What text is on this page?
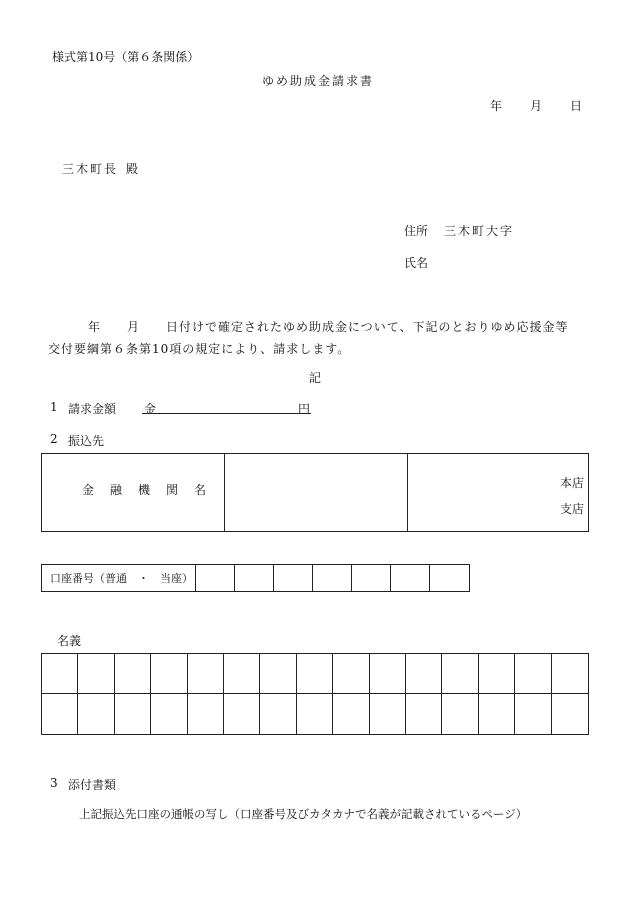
様式第10号（第６条関係）
ゆめ助成金請求書
年 月 日
三木町長 殿
住所 三木町大字
氏名
年 月 日付けで確定されたゆめ助成金について、下記のとおりゆめ応援金等
交付要綱第６条第10項の規定により、請求します。
記
1 請求金額 金	円
2 振込先
金　融　機　関　名	本店
支店
口座番号（普通　・　当座）
名義
3 添付書類
上記振込先口座の通帳の写し（口座番号及びカタカナで名義が記載されているページ）
